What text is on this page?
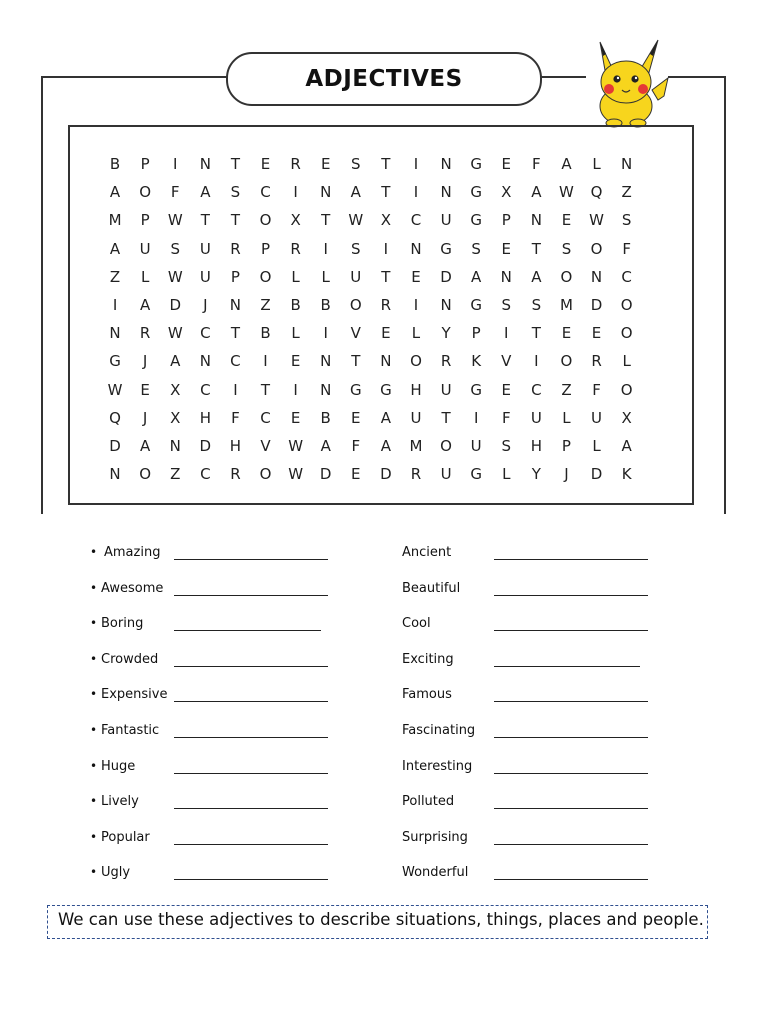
ADJECTIVES
B	P	I	N	T	E	R	E	S	T	I	N	G	E	F	A	L	N
A	O	F	A	S	C	I	N	A	T	I	N	G	X	A	W	Q	Z
M	P	W	T	T	O	X	T	W	X	C	U	G	P	N	E	W	S
A	U	S	U	R	P	R	I	S	I	N	G	S	E	T	S	O	F
Z	L	W	U	P	O	L	L	U	T	E	D	A	N	A	O	N	C
I	A	D	J	N	Z	B	B	O	R	I	N	G	S	S	M	D	O
N	R	W	C	T	B	L	I	V	E	L	Y	P	I	T	E	E	O
G	J	A	N	C	I	E	N	T	N	O	R	K	V	I	O	R	L
W	E	X	C	I	T	I	N	G	G	H	U	G	E	C	Z	F	O
Q	J	X	H	F	C	E	B	E	A	U	T	I	F	U	L	U	X
D	A	N	D	H	V	W	A	F	A	M	O	U	S	H	P	L	A
N	O	Z	C	R	O	W	D	E	D	R	U	G	L	Y	J	D	K
• Amazing	Ancient
• Awesome	Beautiful
• Boring	Cool
• Crowded	Exciting
• Expensive	Famous
• Fantastic	Fascinating
• Huge	Interesting
• Lively	Polluted
• Popular	Surprising
• Ugly	Wonderful
We can use these adjectives to describe situations, things, places and people.
